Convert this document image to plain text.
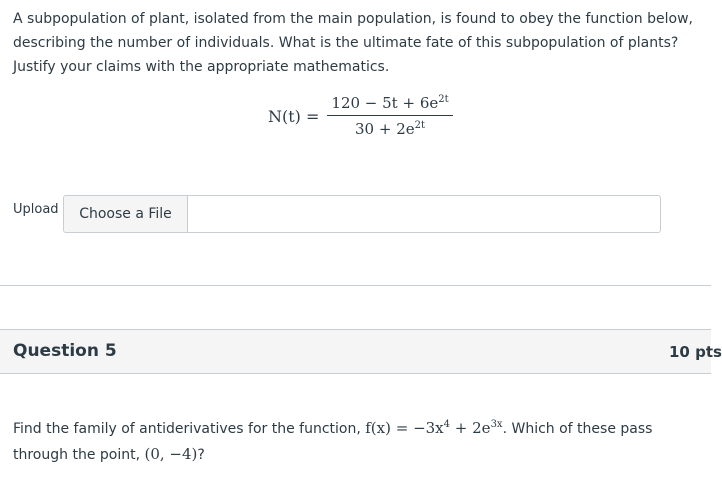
A subpopulation of plant, isolated from the main population, is found to obey the function below, describing the number of individuals. What is the ultimate fate of this subpopulation of plants? Justify your claims with the appropriate mathematics.
$N(t) = \frac{120 - 5t + 6e^{2t}}{30 + 2e^{2t}}$
Upload	Choose a File
Question 5	10 pts
Find the family of antiderivatives for the function, $f(x) = -3x^4 + 2e^{3x}$. Which of these pass through the point, (0, −4)?
